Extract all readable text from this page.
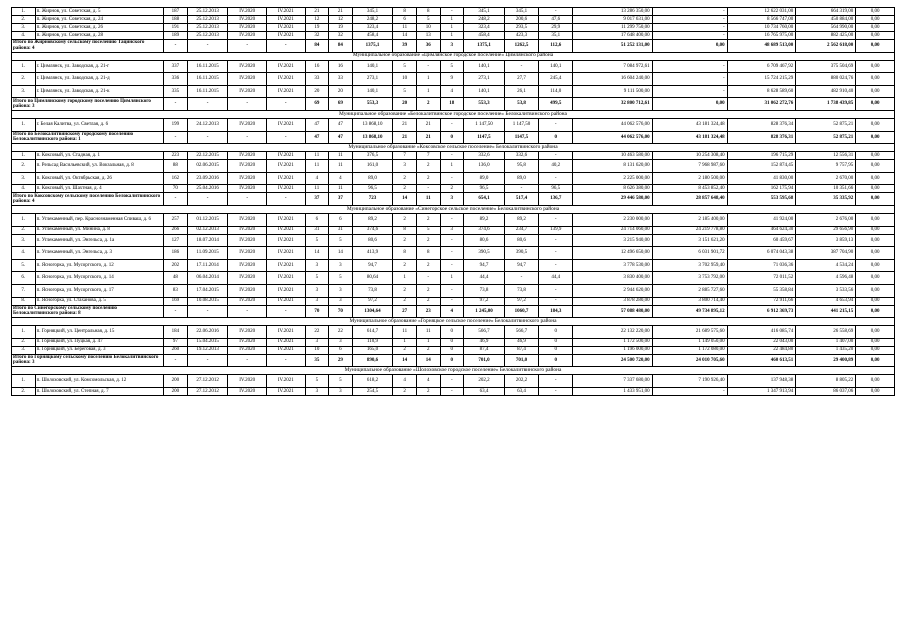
1.	п. Жирнов, ул. Советская, д. 5	187	25.12.2013	IV.2020	IV.2021	21	21	345,1	8	8	-	345,1	345,1	-	13 286 350,00	-	12 622 031,00	664 319,00	0,00
2.	п. Жирнов, ул. Советская, д. 24	188	25.12.2013	IV.2020	IV.2021	12	12	248,2	6	5	1	248,2	200,6	47,6	9 017 631,00	-	8 566 747,00	450 884,00	0,00
3.	п. Жирнов, ул. Советская, д. 26	191	25.12.2013	IV.2020	IV.2021	19	19	323,4	11	10	1	323,4	293,5	29,9	11 299 750,00	-	10 734 760,00	564 990,00	0,00
4.	п. Жирнов, ул. Советская, д. 28	189	25.12.2013	IV.2020	IV.2021	32	32	458,4	14	13	1	458,4	423,3	35,1	17 648 400,00	-	16 765 975,00	882 425,00	0,00
Итого по Жирновскому сельскому поселению Тацинского района: 4		-	-	-	-	84	84	1375,1	39	36	3	1375,1	1262,5	112,6	51 252 131,00	0,00	48 689 513,00	2 562 618,00	0,00
Муниципальное образование «Цимлянское городское поселение» Цимлянского района																			
1.	г. Цимлянск, ул. Заводская, д. 21-г	337	16.11.2015	IV.2020	IV.2021	16	16	140,1	5	-	5	140,1	-	140,1	7 084 972,61	-	6 709 467,92	375 504,69	0,00
2.	г. Цимлянск, ул. Заводская, д. 21-д	336	16.11.2015	IV.2020	IV.2021	33	33	273,1	10	1	9	273,1	27,7	245,4	16 604 240,00	-	15 724 215,29	880 024,76	0,00
3.	г. Цимлянск, ул. Заводская, д. 21-к	335	16.11.2015	IV.2020	IV.2021	20	20	140,1	5	1	4	140,1	26,1	114,0	9 111 500,00	-	8 628 589,60	482 910,40	0,00
Итого по Цимлянскому городскому поселению Цимлянского района: 3		-	-	-	-	69	69	553,3	20	2	18	553,3	53,8	499,5	32 800 712,61	0,00	31 062 272,76	1 738 439,85	0,00
Муниципальное образование «Белокалитвинское городское поселение» Белокалитвинского района																			
1.	г. Белая Калитва, ул. Светлая, д. 6	199	24.12.2013	IV.2020	IV.2021	47	47	13 868,10	21	21	-	1 147,50	1 147,50	-	44 062 576,00	43 181 324,48	828 376,34	52 875,21	0,00
Итого по Белокалитвинскому городскому поселению Белокалитвинского района: 1		-	-	-	-	47	47	13 868,10	21	21	0	1147,5	1147,5	0	44 062 576,00	43 181 324,48	828 376,31	52 875,21	0,00
Муниципальное образование «Коксовское сельское поселение» Белокалитвинского района																			
1.	п. Коксовый, ул. Стадная, д. 1	223	22.12.2015	IV.2020	IV.2021	11	11	376,5	7	7	-	332,6	332,6	-	10 463 580,00	10 254 308,40	196 715,29	12 556,31	0,00
2.	п. Рельсад Васильевский, ул. Вокзальная, д. 8	88	02.06.2015	IV.2020	IV.2021	11	11	161,0	3	2	1	136,0	95,8	40,2	8 131 620,00	7 968 987,60	152 874,45	9 757,95	0,00
3.	п. Коксовый, ул. Октябрьская, д. 26	162	23.09.2016	IV.2020	IV.2021	4	4	89,0	2	2	-	89,0	89,0	-	2 225 000,00	2 180 500,00	41 830,00	2 670,00	0,00
4.	п. Коксовый, ул. Шахтная, д. 4	70	25.04.2016	IV.2020	IV.2021	11	11	96,5	2	-	2	96,5	-	96,5	8 626 380,00	8 453 852,40	162 175,94	10 351,66	0,00
Итого по Коксовскому сельскому поселению Белокалитвинского района: 4		-	-	-	-	37	37	723	14	11	3	654,1	517,4	136,7	29 446 580,00	28 857 648,40	553 595,68	35 335,92	0,00
Муниципальное образование «Синегорское сельское поселение» Белокалитвинского района																			
1.	п. Углекаменный, пер. Краснознаменная Спиваш, д. 6	257	01.12.2015	IV.2020	IV.2021	6	6	89,2	2	2	-	89,2	89,2	-	2 230 000,00	2 185 400,00	41 924,00	2 676,00	0,00
2.	п. Углекаменный, ул. Минина, д. 8	266	02.12.2013	IV.2020	IV.2021	31	31	374,6	8	5	3	374,6	234,7	139,9	24 714 060,00	24 219 778,80	464 624,30	29 656,90	0,00
3.	п. Углекаменный, ул. Энгельса, д. 1а	127	18.07.2014	IV.2020	IV.2021	5	5	80,6	2	2	-	80,6	80,6	-	3 215 940,00	3 151 621,20	60 459,67	3 859,13	0,00
4.	п. Углекаменный, ул. Энгельса, д. 3	186	11.09.2015	IV.2020	IV.2021	14	14	413,9	8	8	-	390,5	390,5	-	12 496 650,00	6 031 901,72	6 074 043,38	387 704,90	0,00
5.	п. Ясногорка, ул. Мусоргского, д. 12	202	17.11.2014	IV.2020	IV.2021	3	3	94,7	2	2	-	94,7	94,7	-	3 778 530,00	3 702 959,40	71 036,36	4 534,24	0,00
6.	п. Ясногорка, ул. Мусоргского, д. 14	48	06.04.2014	IV.2020	IV.2021	5	5	80,64	1	-	1	44,4	-	44,4	3 830 400,00	3 753 792,00	72 011,52	4 596,48	0,00
7.	п. Ясногорка, ул. Мусоргского, д. 17	83	17.04.2015	IV.2020	IV.2021	3	3	73,8	2	2	-	73,8	73,8	-	2 944 620,00	2 885 727,60	55 358,84	3 533,56	0,00
8.	п. Ясногорка, ул. Стаханова, д. 5	169	10.08.2015	IV.2020	IV.2021	3	3	97,2	2	2	-	97,2	97,2	-	3 878 280,00	3 800 714,40	72 911,66	4 653,94	0,00
Итого по Синегорскому сельскому поселению Белокалитвинского района: 8		-	-	-	-	70	70	1304,64	27	23	4	1 245,00	1060,7	184,3	57 088 480,00	49 734 895,12	6 912 369,73	441 215,15	0,00
Муниципальное образование «Горняцкое сельское поселение» Белокалитвинского района																			
1.	п. Горняцкий, ул. Центральная, д. 15	184	22.06.2016	IV.2020	IV.2021	22	22	614,7	11	11	0	566,7	566,7	0	22 132 220,00	21 689 575,60	416 085,74	26 558,69	0,00
2.	п. Горняцкий, ул. Пуцкая, д. 47	97	15.04.2015	IV.2020	IV.2021	3	3	110,9	1	1	0	46,9	46,9	0	1 172 500,00	1 149 050,00	22 043,00	1 407,00	0,00
3.	п. Горняцкий, ул. Береговая, д. 3	260	19.12.2013	IV.2020	IV.2021	10	6	165,0	2	2	0	87,4	87,4	0	1 196 000,00	1 172 080,00	22 484,80	1 435,20	0,00
Итого по Горняцкому сельскому поселению Белокалитвинского района: 3		-	-	-	-	35	29	890,6	14	14	0	701,0	701,0	0	24 500 720,00	24 010 705,60	460 613,51	29 400,89	0,00
Муниципальное образование «Шолоховское городское поселение» Белокалитвинского района																			
1.	п. Шолоховский, ул. Комсомольская, д. 12	200	27.12.2012	IV.2020	IV.2021	5	5	618,2	4	4	-	202,2	202,2	-	7 337 680,00	7 190 926,40	137 948,38	8 805,22	0,00
2.	п. Шолоховский, ул. Степная, д. 7	200	27.12.2012	IV.2020	IV.2021	3	3	254,5	2	2	-	63,4	63,4	-	1 433 951,00	-	1 347 913,94	86 037,06	0,00
